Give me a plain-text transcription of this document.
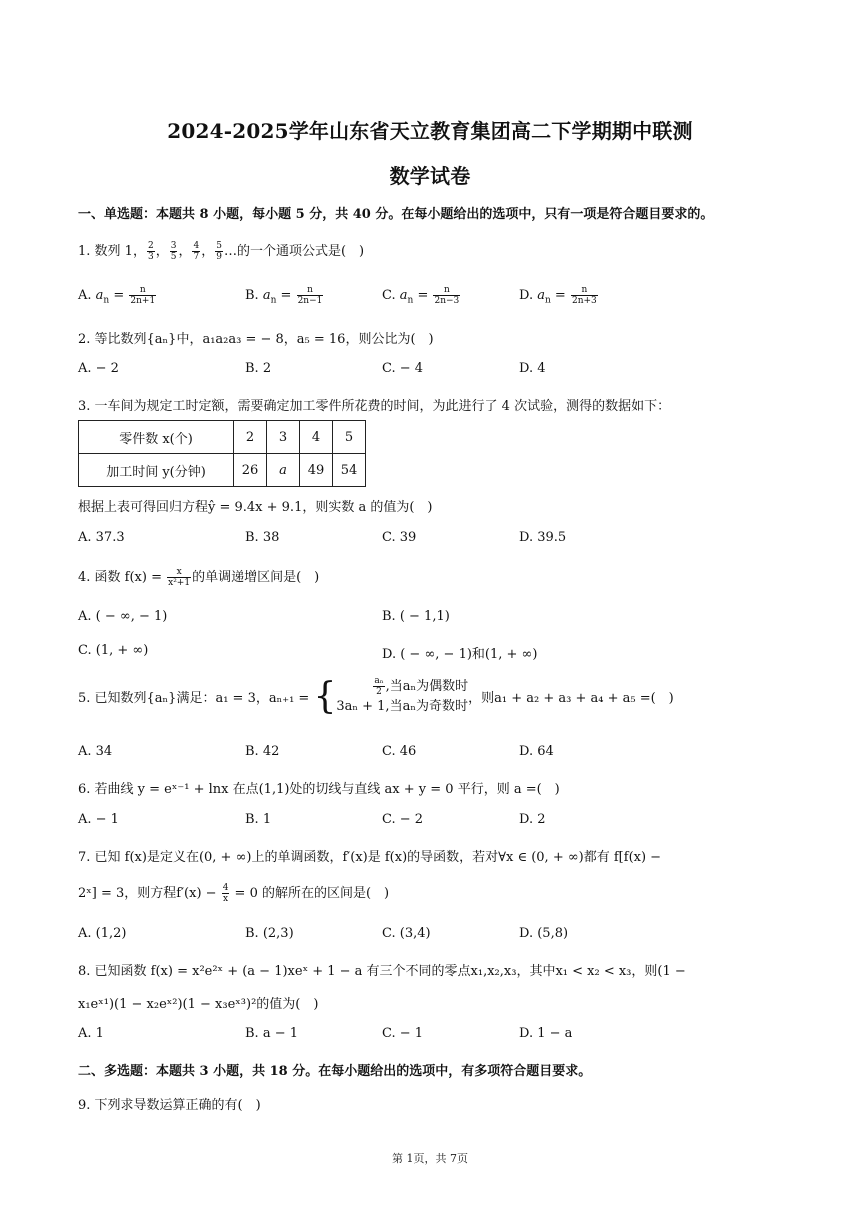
2024-2025学年山东省天立教育集团高二下学期期中联测
数学试卷
一、单选题：本题共 8 小题，每小题 5 分，共 40 分。在每小题给出的选项中，只有一项是符合题目要求的。
1. 数列 1， $\frac{2}{3}$ ， $\frac{3}{5}$ ， $\frac{4}{7}$ ， $\frac{5}{9}$ …的一个通项公式是(　)
A. $a_n = \frac{n}{2n+1}$	B. $a_n = \frac{n}{2n-1}$	C. $a_n = \frac{n}{2n-3}$	D. $a_n = \frac{n}{2n+3}$
2. 等比数列{aₙ}中，a₁a₂a₃ = − 8，a₅ = 16，则公比为(　)
A. − 2	B. 2	C. − 4	D. 4
3. 一车间为规定工时定额，需要确定加工零件所花费的时间，为此进行了 4 次试验，测得的数据如下：
零件数 x(个)	2	3	4	5
加工时间 y(分钟)	26	a	49	54
根据上表可得回归方程ŷ = 9.4x + 9.1，则实数 a 的值为(　)
A. 37.3	B. 38	C. 39	D. 39.5
4. 函数 $f(x) = \frac{x}{\text{x²+1}}$ 的单调递增区间是(　)
A. ( − ∞, − 1)	B. ( − 1,1)
C. (1, + ∞)	D. ( − ∞, − 1)和(1, + ∞)
5. 已知数列{aₙ}满足：a₁ = 3，aₙ₊₁ = {	$\frac{\text{aₙ}}{2}$ ,当aₙ为偶数时
3aₙ + 1,当aₙ为奇数时
，则a₁ + a₂ + a₃ + a₄ + a₅ =(　)
A. 34	B. 42	C. 46	D. 64
6. 若曲线 y = eˣ⁻¹ + lnx 在点(1,1)处的切线与直线 ax + y = 0 平行，则 a =(　)
A. − 1	B. 1	C. − 2	D. 2
7. 已知 f(x)是定义在(0, + ∞)上的单调函数，f′(x)是 f(x)的导函数，若对∀x ∈ (0, + ∞)都有 f[f(x) −
2ˣ] = 3，则方程$f'(x) - \frac{4}{x} = 0$ 的解所在的区间是(　)
A. (1,2)	B. (2,3)	C. (3,4)	D. (5,8)
8. 已知函数 f(x) = x²e²ˣ + (a − 1)xeˣ + 1 − a 有三个不同的零点x₁,x₂,x₃，其中x₁ < x₂ < x₃，则(1 −
x₁eˣ¹)(1 − x₂eˣ²)(1 − x₃eˣ³)²的值为(　)
A. 1	B. a − 1	C. − 1	D. 1 − a
二、多选题：本题共 3 小题，共 18 分。在每小题给出的选项中，有多项符合题目要求。
9. 下列求导数运算正确的有(　)
第 1页，共 7页
